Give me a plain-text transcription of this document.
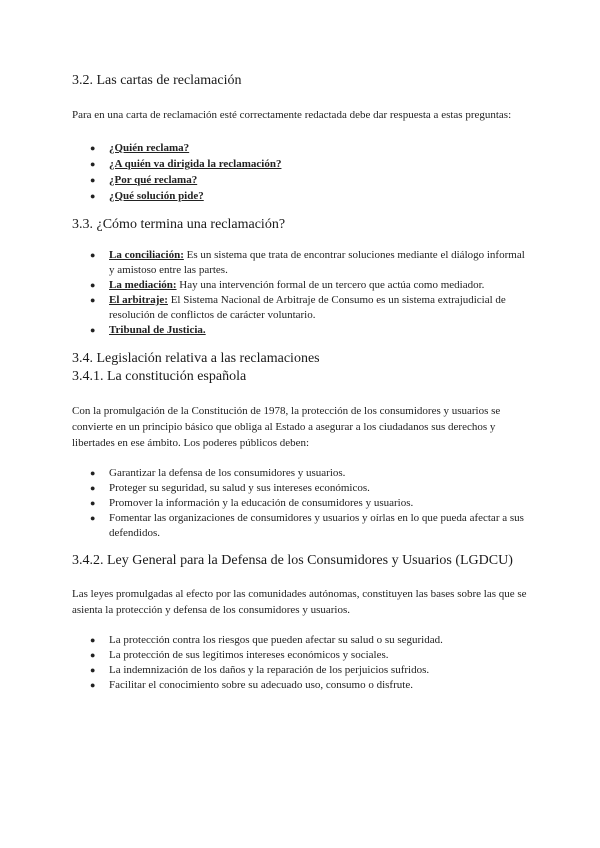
3.2. Las cartas de reclamación

Para en una carta de reclamación esté correctamente redactada debe dar respuesta a estas preguntas:

● ¿Quién reclama?
● ¿A quién va dirigida la reclamación?
● ¿Por qué reclama?
● ¿Qué solución pide?
3.3. ¿Cómo termina una reclamación?
● La conciliación: Es un sistema que trata de encontrar soluciones mediante el diálogo informal y amistoso entre las partes.
● La mediación: Hay una intervención formal de un tercero que actúa como mediador.
● El arbitraje: El Sistema Nacional de Arbitraje de Consumo es un sistema extrajudicial de resolución de conflictos de carácter voluntario.
● Tribunal de Justicia.
3.4. Legislación relativa a las reclamaciones
3.4.1. La constitución española

Con la promulgación de la Constitución de 1978, la protección de los consumidores y usuarios se convierte en un principio básico que obliga al Estado a asegurar a los ciudadanos sus derechos y libertades en ese ámbito. Los poderes públicos deben:

● Garantizar la defensa de los consumidores y usuarios.
● Proteger su seguridad, su salud y sus intereses económicos.
● Promover la información y la educación de consumidores y usuarios.
● Fomentar las organizaciones de consumidores y usuarios y oírlas en lo que pueda afectar a sus defendidos.
3.4.2. Ley General para la Defensa de los Consumidores y Usuarios (LGDCU)

Las leyes promulgadas al efecto por las comunidades autónomas, constituyen las bases sobre las que se asienta la protección y defensa de los consumidores y usuarios.

● La protección contra los riesgos que pueden afectar su salud o su seguridad.
● La protección de sus legítimos intereses económicos y sociales.
● La indemnización de los daños y la reparación de los perjuicios sufridos.
● Facilitar el conocimiento sobre su adecuado uso, consumo o disfrute.
